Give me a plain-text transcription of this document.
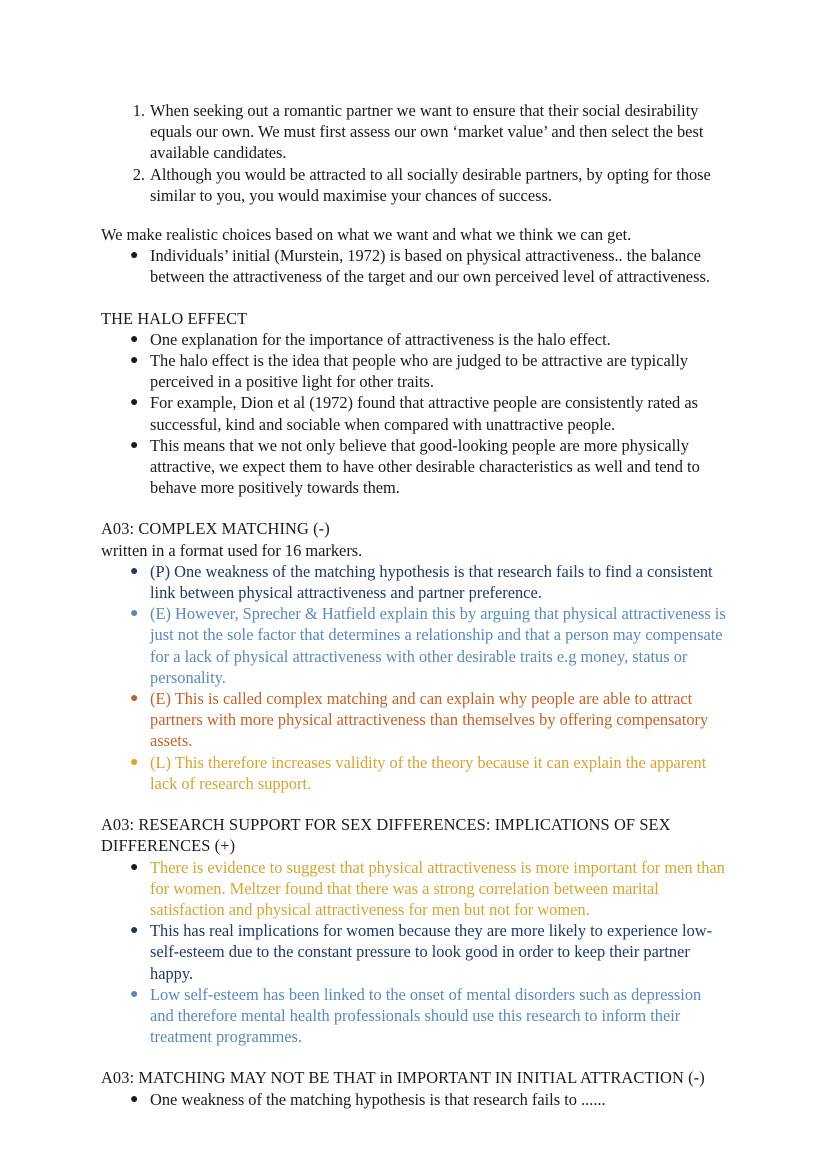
1. When seeking out a romantic partner we want to ensure that their social desirability equals our own. We must first assess our own ‘market value’ and then select the best available candidates.
2. Although you would be attracted to all socially desirable partners, by opting for those similar to you, you would maximise your chances of success.

We make realistic choices based on what we want and what we think we can get.

● Individuals’ initial (Murstein, 1972) is based on physical attractiveness.. the balance between the attractiveness of the target and our own perceived level of attractiveness.

THE HALO EFFECT

● One explanation for the importance of attractiveness is the halo effect.
● The halo effect is the idea that people who are judged to be attractive are typically perceived in a positive light for other traits.
● For example, Dion et al (1972) found that attractive people are consistently rated as successful, kind and sociable when compared with unattractive people.
● This means that we not only believe that good-looking people are more physically attractive, we expect them to have other desirable characteristics as well and tend to behave more positively towards them.

A03: COMPLEX MATCHING (-)

written in a format used for 16 markers.

● (P) One weakness of the matching hypothesis is that research fails to find a consistent link between physical attractiveness and partner preference.
● (E) However, Sprecher & Hatfield explain this by arguing that physical attractiveness is just not the sole factor that determines a relationship and that a person may compensate for a lack of physical attractiveness with other desirable traits e.g money, status or personality.
● (E) This is called complex matching and can explain why people are able to attract partners with more physical attractiveness than themselves by offering compensatory assets.
● (L) This therefore increases validity of the theory because it can explain the apparent lack of research support.

A03: RESEARCH SUPPORT FOR SEX DIFFERENCES: IMPLICATIONS OF SEX DIFFERENCES (+)

● There is evidence to suggest that physical attractiveness is more important for men than for women. Meltzer found that there was a strong correlation between marital satisfaction and physical attractiveness for men but not for women.
● This has real implications for women because they are more likely to experience low-self-esteem due to the constant pressure to look good in order to keep their partner happy.
● Low self-esteem has been linked to the onset of mental disorders such as depression and therefore mental health professionals should use this research to inform their treatment programmes.

A03: MATCHING MAY NOT BE THAT in IMPORTANT IN INITIAL ATTRACTION (-)

● One weakness of the matching hypothesis is that research fails to ......
